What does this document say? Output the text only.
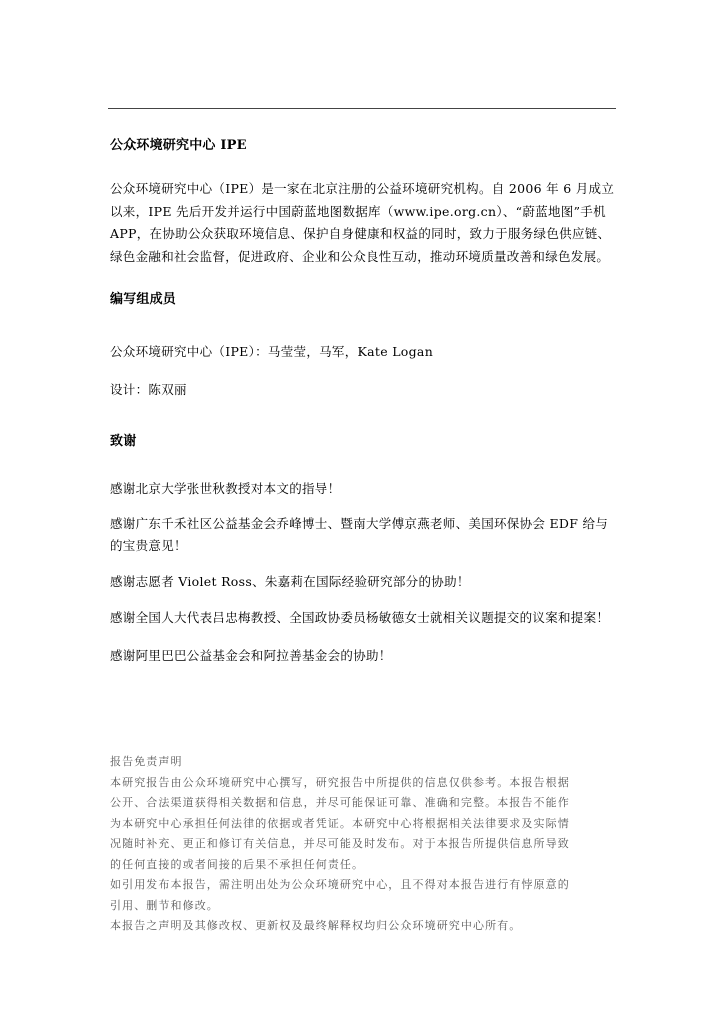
公众环境研究中心 IPE

公众环境研究中心（IPE）是一家在北京注册的公益环境研究机构。自 2006 年 6 月成立以来，IPE 先后开发并运行中国蔚蓝地图数据库（www.ipe.org.cn）、“蔚蓝地图”手机 APP，在协助公众获取环境信息、保护自身健康和权益的同时，致力于服务绿色供应链、绿色金融和社会监督，促进政府、企业和公众良性互动，推动环境质量改善和绿色发展。

编写组成员
公众环境研究中心（IPE）：马莹莹，马军，Kate Logan
设计：陈双丽
致谢
感谢北京大学张世秋教授对本文的指导！
感谢广东千禾社区公益基金会乔峰博士、暨南大学傅京燕老师、美国环保协会 EDF 给与的宝贵意见！
感谢志愿者 Violet Ross、朱嘉莉在国际经验研究部分的协助！
感谢全国人大代表吕忠梅教授、全国政协委员杨敏德女士就相关议题提交的议案和提案！
感谢阿里巴巴公益基金会和阿拉善基金会的协助！
报告免责声明
本研究报告由公众环境研究中心撰写，研究报告中所提供的信息仅供参考。本报告根据
公开、合法渠道获得相关数据和信息，并尽可能保证可靠、准确和完整。本报告不能作
为本研究中心承担任何法律的依据或者凭证。本研究中心将根据相关法律要求及实际情
况随时补充、更正和修订有关信息，并尽可能及时发布。对于本报告所提供信息所导致
的任何直接的或者间接的后果不承担任何责任。
如引用发布本报告，需注明出处为公众环境研究中心，且不得对本报告进行有悖原意的
引用、删节和修改。
本报告之声明及其修改权、更新权及最终解释权均归公众环境研究中心所有。
